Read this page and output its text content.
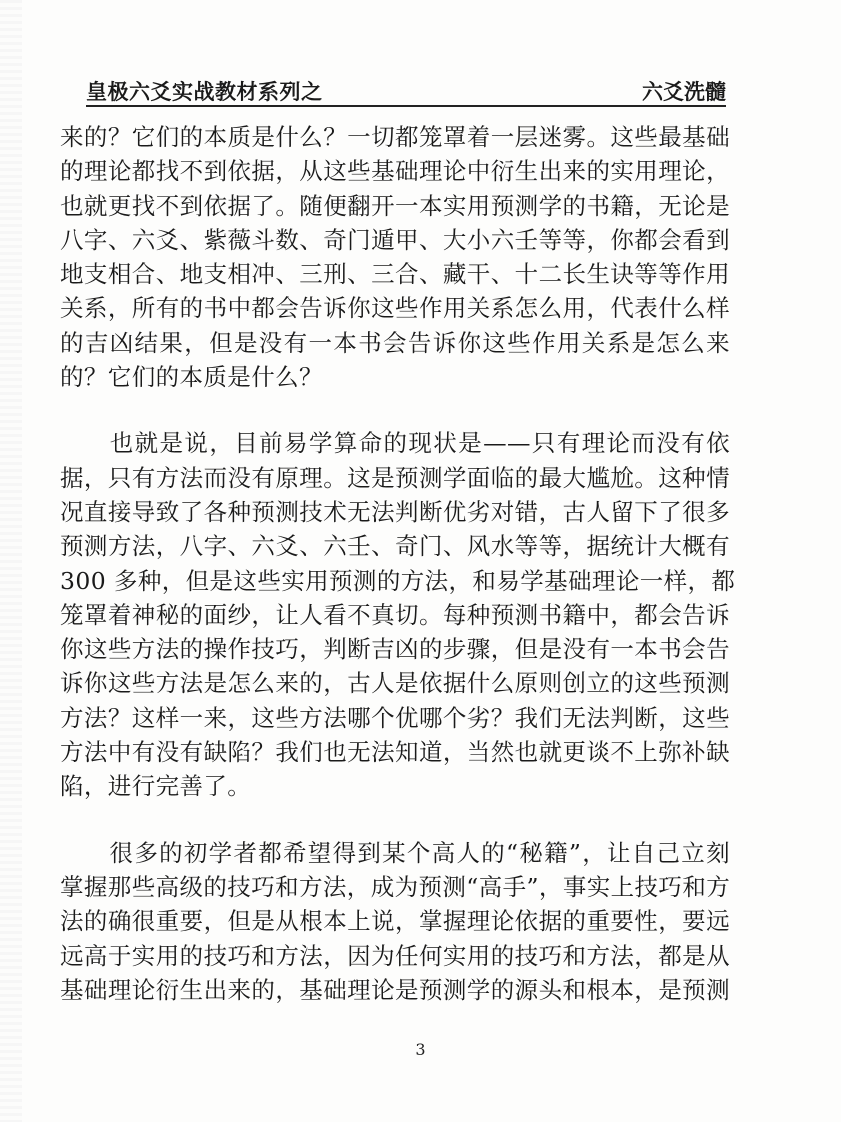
皇极六爻实战教材系列之	六爻洗髓
来的？它们的本质是什么？一切都笼罩着一层迷雾。这些最基础
的理论都找不到依据，从这些基础理论中衍生出来的实用理论，
也就更找不到依据了。随便翻开一本实用预测学的书籍，无论是
八字、六爻、紫薇斗数、奇门遁甲、大小六壬等等，你都会看到
地支相合、地支相冲、三刑、三合、藏干、十二长生诀等等作用
关系，所有的书中都会告诉你这些作用关系怎么用，代表什么样
的吉凶结果，但是没有一本书会告诉你这些作用关系是怎么来
的？它们的本质是什么？
　　也就是说，目前易学算命的现状是——只有理论而没有依
据，只有方法而没有原理。这是预测学面临的最大尴尬。这种情
况直接导致了各种预测技术无法判断优劣对错，古人留下了很多
预测方法，八字、六爻、六壬、奇门、风水等等，据统计大概有
300 多种，但是这些实用预测的方法，和易学基础理论一样，都
笼罩着神秘的面纱，让人看不真切。每种预测书籍中，都会告诉
你这些方法的操作技巧，判断吉凶的步骤，但是没有一本书会告
诉你这些方法是怎么来的，古人是依据什么原则创立的这些预测
方法？这样一来，这些方法哪个优哪个劣？我们无法判断，这些
方法中有没有缺陷？我们也无法知道，当然也就更谈不上弥补缺
陷，进行完善了。
　　很多的初学者都希望得到某个高人的“秘籍”，让自己立刻
掌握那些高级的技巧和方法，成为预测“高手”，事实上技巧和方
法的确很重要，但是从根本上说，掌握理论依据的重要性，要远
远高于实用的技巧和方法，因为任何实用的技巧和方法，都是从
基础理论衍生出来的，基础理论是预测学的源头和根本，是预测
3
